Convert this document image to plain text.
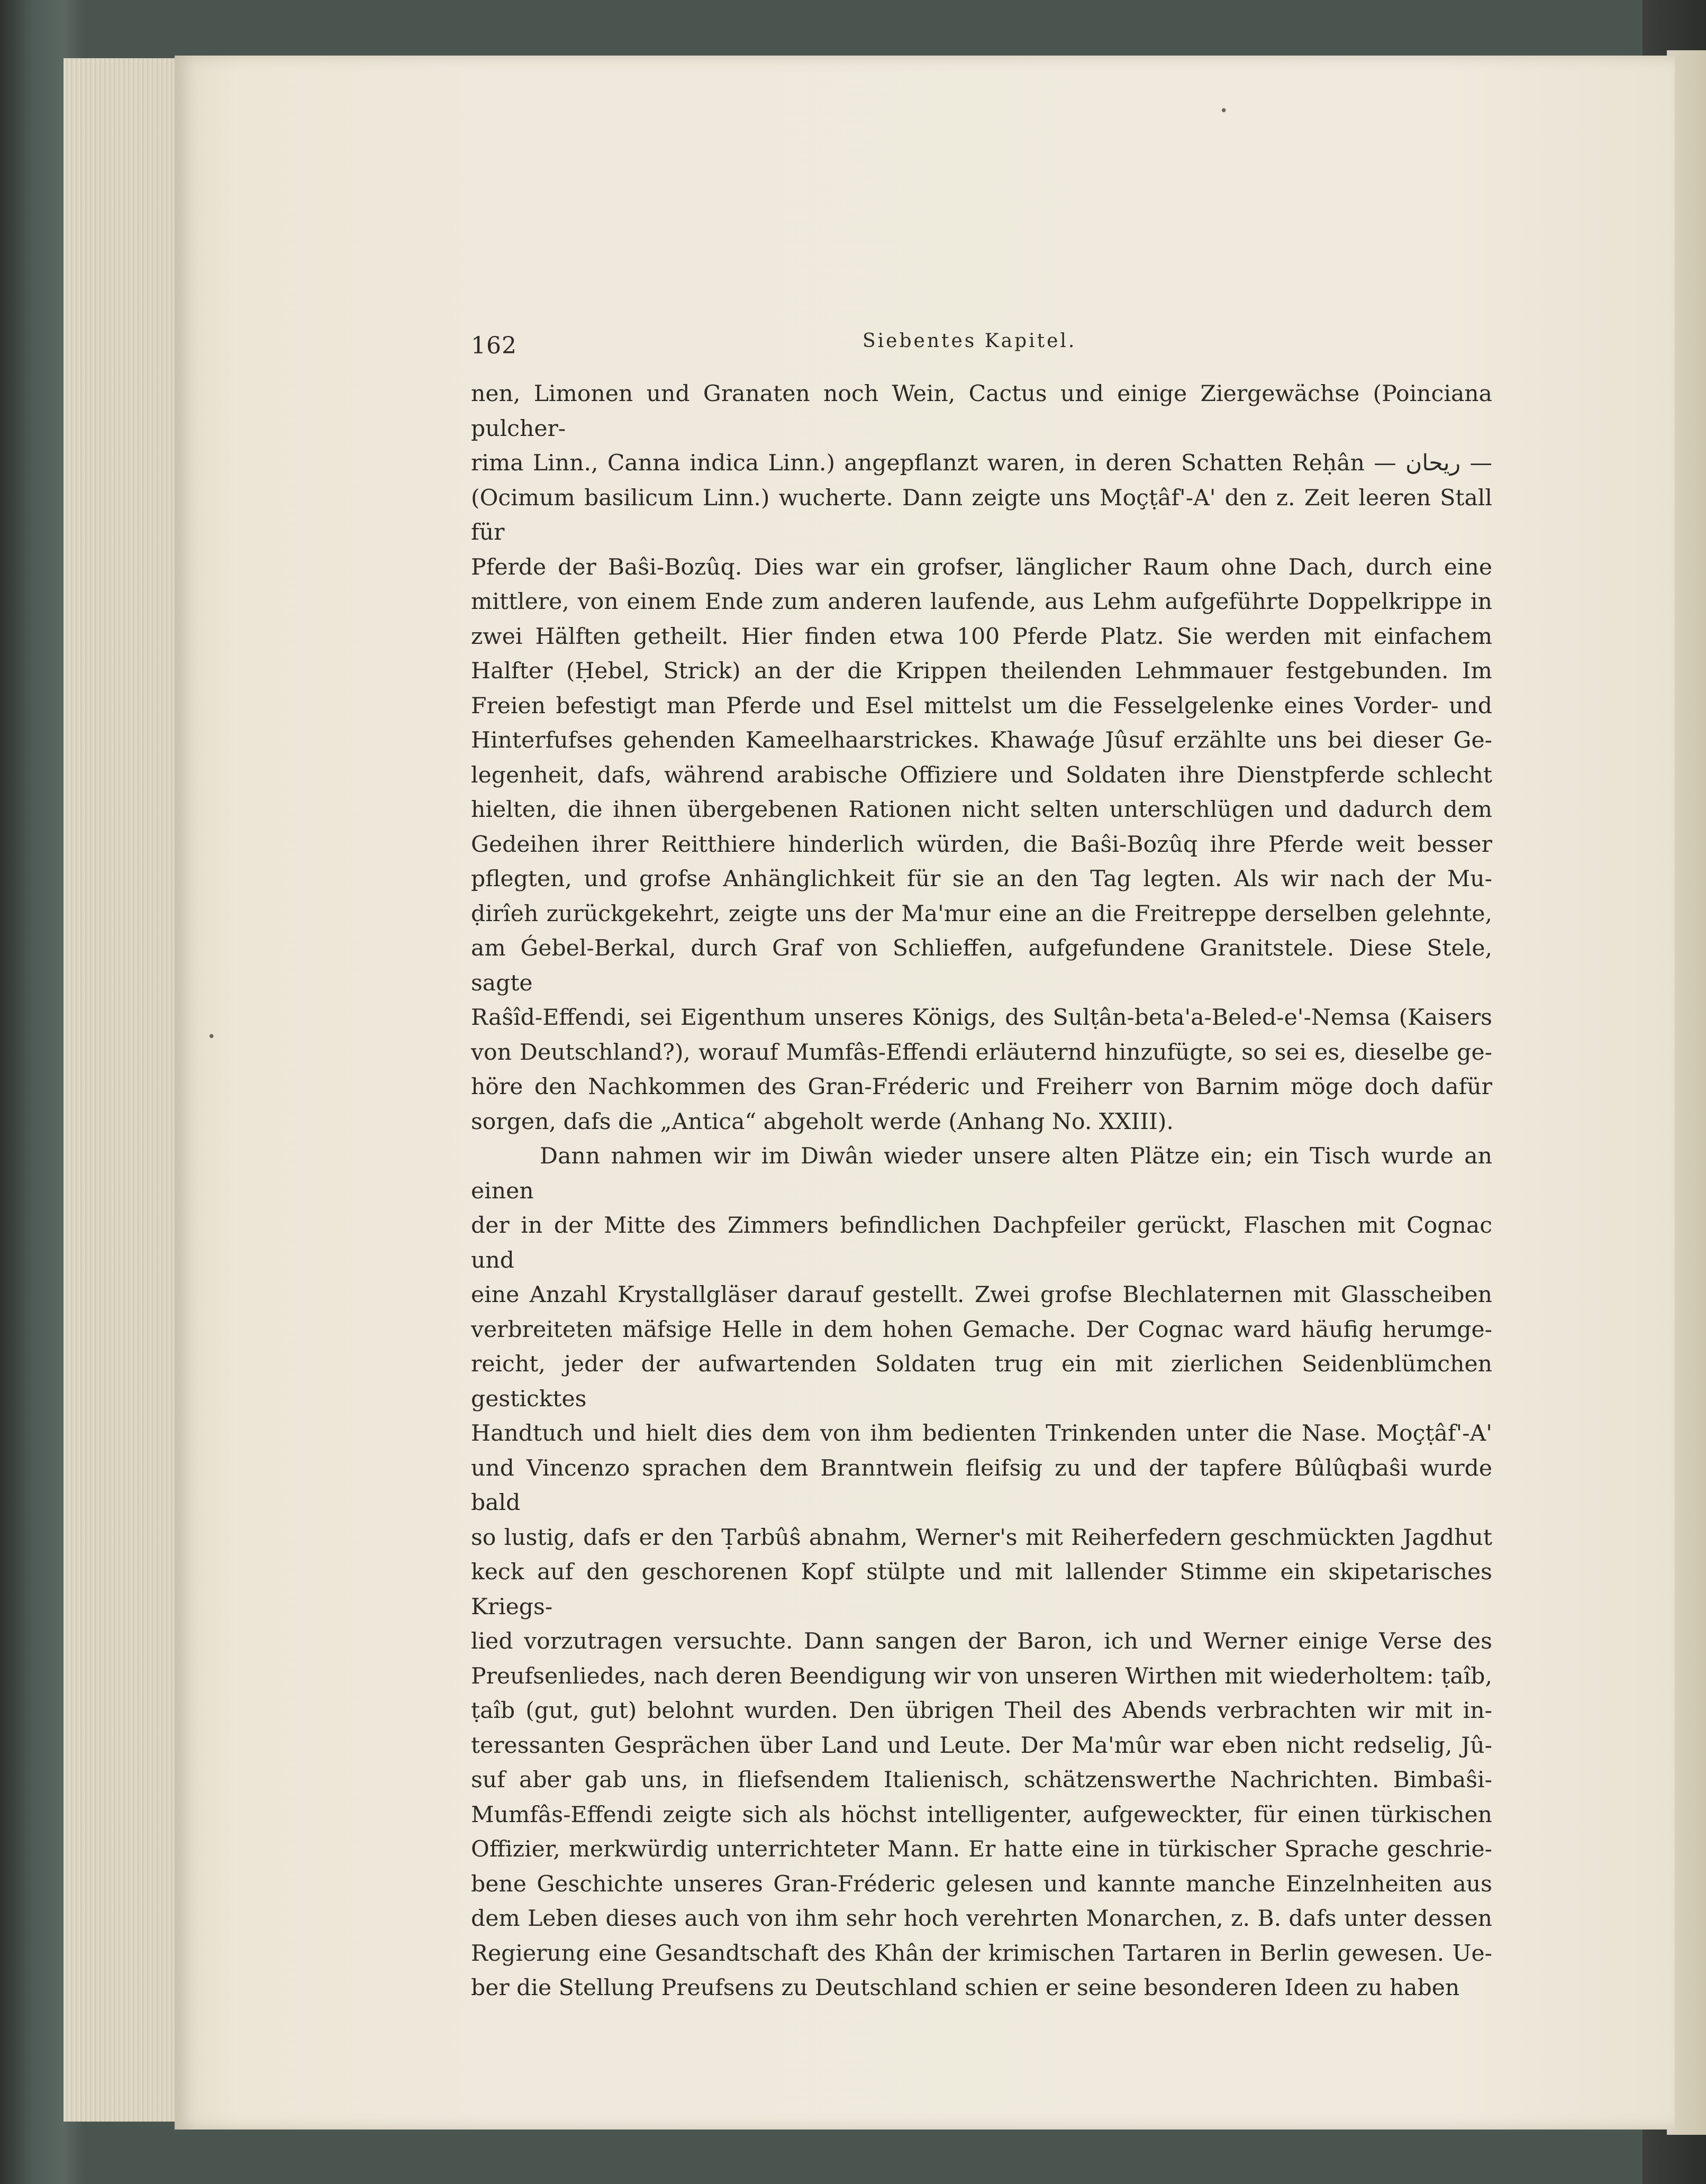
•
•
162	Siebentes Kapitel.

nen, Limonen und Granaten noch Wein, Cactus und einige Ziergewächse (Poinciana pulcher-

rima Linn., Canna indica Linn.) angepflanzt waren, in deren Schatten Reḥân — ريحان —

(Ocimum basilicum Linn.) wucherte. Dann zeigte uns Moçṭâf'-A' den z. Zeit leeren Stall für

Pferde der Baŝi-Bozûq. Dies war ein grofser, länglicher Raum ohne Dach, durch eine

mittlere, von einem Ende zum anderen laufende, aus Lehm aufgeführte Doppelkrippe in

zwei Hälften getheilt. Hier finden etwa 100 Pferde Platz. Sie werden mit einfachem

Halfter (Ḥebel, Strick) an der die Krippen theilenden Lehmmauer festgebunden. Im

Freien befestigt man Pferde und Esel mittelst um die Fesselgelenke eines Vorder- und

Hinterfufses gehenden Kameelhaarstrickes. Khawaǵe Jûsuf erzählte uns bei dieser Ge-

legenheit, dafs, während arabische Offiziere und Soldaten ihre Dienstpferde schlecht

hielten, die ihnen übergebenen Rationen nicht selten unterschlügen und dadurch dem

Gedeihen ihrer Reitthiere hinderlich würden, die Baŝi-Bozûq ihre Pferde weit besser

pflegten, und grofse Anhänglichkeit für sie an den Tag legten. Als wir nach der Mu-

ḍirîeh zurückgekehrt, zeigte uns der Ma'mur eine an die Freitreppe derselben gelehnte,

am Ǵebel-Berkal, durch Graf von Schlieffen, aufgefundene Granitstele. Diese Stele, sagte

Raŝîd-Effendi, sei Eigenthum unseres Königs, des Sulṭân-beta'a-Beled-e'-Nemsa (Kaisers

von Deutschland?), worauf Mumfâs-Effendi erläuternd hinzufügte, so sei es, dieselbe ge-

höre den Nachkommen des Gran-Fréderic und Freiherr von Barnim möge doch dafür

sorgen, dafs die „Antica“ abgeholt werde (Anhang No. XXIII).

Dann nahmen wir im Diwân wieder unsere alten Plätze ein; ein Tisch wurde an einen

der in der Mitte des Zimmers befindlichen Dachpfeiler gerückt, Flaschen mit Cognac und

eine Anzahl Krystallgläser darauf gestellt. Zwei grofse Blechlaternen mit Glasscheiben

verbreiteten mäfsige Helle in dem hohen Gemache. Der Cognac ward häufig herumge-

reicht, jeder der aufwartenden Soldaten trug ein mit zierlichen Seidenblümchen gesticktes

Handtuch und hielt dies dem von ihm bedienten Trinkenden unter die Nase. Moçṭâf'-A'

und Vincenzo sprachen dem Branntwein fleifsig zu und der tapfere Bûlûqbaŝi wurde bald

so lustig, dafs er den Ṭarbûŝ abnahm, Werner's mit Reiherfedern geschmückten Jagdhut

keck auf den geschorenen Kopf stülpte und mit lallender Stimme ein skipetarisches Kriegs-

lied vorzutragen versuchte. Dann sangen der Baron, ich und Werner einige Verse des

Preufsenliedes, nach deren Beendigung wir von unseren Wirthen mit wiederholtem: ṭaîb,

ṭaîb (gut, gut) belohnt wurden. Den übrigen Theil des Abends verbrachten wir mit in-

teressanten Gesprächen über Land und Leute. Der Ma'mûr war eben nicht redselig, Jû-

suf aber gab uns, in fliefsendem Italienisch, schätzenswerthe Nachrichten. Bimbaŝi-

Mumfâs-Effendi zeigte sich als höchst intelligenter, aufgeweckter, für einen türkischen

Offizier, merkwürdig unterrichteter Mann. Er hatte eine in türkischer Sprache geschrie-

bene Geschichte unseres Gran-Fréderic gelesen und kannte manche Einzelnheiten aus

dem Leben dieses auch von ihm sehr hoch verehrten Monarchen, z. B. dafs unter dessen

Regierung eine Gesandtschaft des Khân der krimischen Tartaren in Berlin gewesen. Ue-

ber die Stellung Preufsens zu Deutschland schien er seine besonderen Ideen zu haben
